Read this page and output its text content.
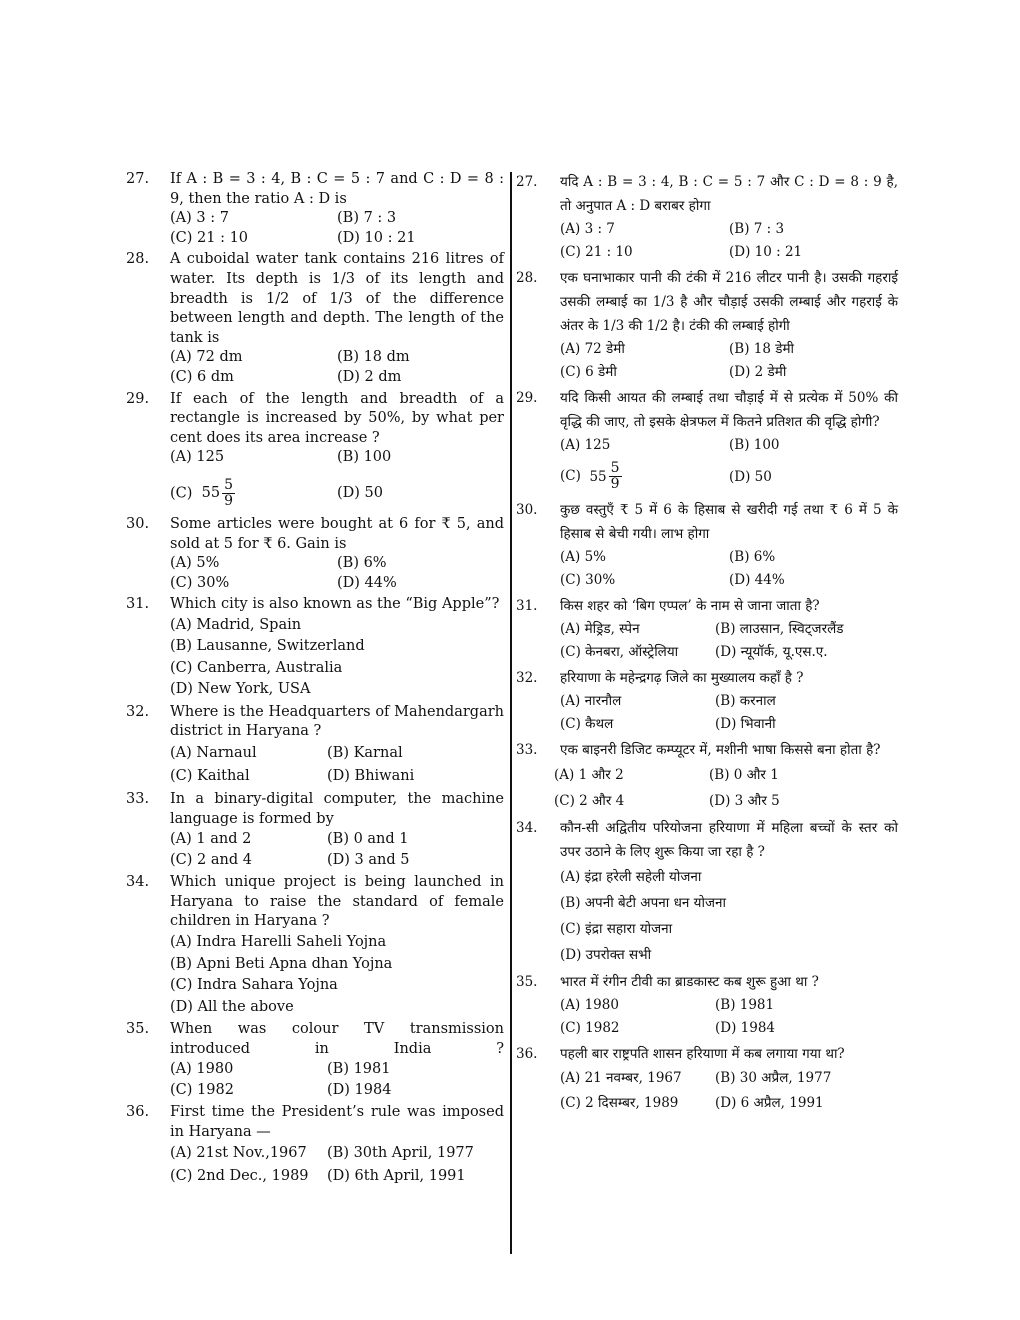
27. If A : B = 3 : 4, B : C = 5 : 7 and C : D = 8 : 9, then the ratio A : D is
(A) 3 : 7	(B) 7 : 3
(C) 21 : 10	(D) 10 : 21
28. A cuboidal water tank contains 216 litres of water. Its depth is 1/3 of its length and breadth is 1/2 of 1/3 of the difference between length and depth. The length of the tank is
(A) 72 dm	(B) 18 dm
(C) 6 dm	(D) 2 dm
29. If each of the length and breadth of a rectangle is increased by 50%, by what per cent does its area increase ?
(A) 125	(B) 100
(C) $55 \frac{5}{9}$	(D) 50
30. Some articles were bought at 6 for ₹ 5, and sold at 5 for ₹ 6. Gain is
(A) 5%	(B) 6%
(C) 30%	(D) 44%
31. Which city is also known as the “Big Apple”?
(A) Madrid, Spain
(B) Lausanne, Switzerland
(C) Canberra, Australia
(D) New York, USA
32. Where is the Headquarters of Mahendargarh district in Haryana ?
(A) Narnaul	(B) Karnal
(C) Kaithal	(D) Bhiwani
33. In a binary-digital computer, the machine language is formed by
(A) 1 and 2	(B) 0 and 1
(C) 2 and 4	(D) 3 and 5
34. Which unique project is being launched in Haryana to raise the standard of female children in Haryana ?
(A) Indra Harelli Saheli Yojna
(B) Apni Beti Apna dhan Yojna
(C) Indra Sahara Yojna
(D) All the above
35. When was colour TV transmission introduced in India ?
(A) 1980	(B) 1981
(C) 1982	(D) 1984
36. First time the President’s rule was imposed in Haryana —
(A) 21st Nov.,1967	(B) 30th April, 1977
(C) 2nd Dec., 1989	(D) 6th April, 1991
27. यदि A : B = 3 : 4, B : C = 5 : 7 और C : D = 8 : 9 है, तो अनुपात A : D बराबर होगा
(A) 3 : 7	(B) 7 : 3
(C) 21 : 10	(D) 10 : 21
28. एक घनाभाकार पानी की टंकी में 216 लीटर पानी है। उसकी गहराई उसकी लम्बाई का 1/3 है और चौड़ाई उसकी लम्बाई और गहराई के अंतर के 1/3 की 1/2 है। टंकी की लम्बाई होगी
(A) 72 डेमी	(B) 18 डेमी
(C) 6 डेमी	(D) 2 डेमी
29. यदि किसी आयत की लम्बाई तथा चौड़ाई में से प्रत्येक में 50% की वृद्धि की जाए, तो इसके क्षेत्रफल में कितने प्रतिशत की वृद्धि होगी?
(A) 125	(B) 100
(C) $55 \frac{5}{9}$	(D) 50
30. कुछ वस्तुएँ ₹ 5 में 6 के हिसाब से खरीदी गई तथा ₹ 6 में 5 के हिसाब से बेची गयी। लाभ होगा
(A) 5%	(B) 6%
(C) 30%	(D) 44%
31. किस शहर को ‘बिग एप्पल’ के नाम से जाना जाता है?
(A) मेड्रिड, स्पेन	(B) लाउसान, स्विट्जरलैंड
(C) केनबरा, ऑस्ट्रेलिया	(D) न्यूयॉर्क, यू.एस.ए.
32. हरियाणा के महेन्द्रगढ़ जिले का मुख्यालय कहाँ है ?
(A) नारनौल	(B) करनाल
(C) कैथल	(D) भिवानी
33. एक बाइनरी डिजिट कम्प्यूटर में, मशीनी भाषा किससे बना होता है?
(A) 1 और 2	(B) 0 और 1
(C) 2 और 4	(D) 3 और 5
34. कौन-सी अद्वितीय परियोजना हरियाणा में महिला बच्चों के स्तर को उपर उठाने के लिए शुरू किया जा रहा है ?
(A) इंद्रा हरेली सहेली योजना
(B) अपनी बेटी अपना धन योजना
(C) इंद्रा सहारा योजना
(D) उपरोक्त सभी
35. भारत में रंगीन टीवी का ब्राडकास्ट कब शुरू हुआ था ?
(A) 1980	(B) 1981
(C) 1982	(D) 1984
36. पहली बार राष्ट्रपति शासन हरियाणा में कब लगाया गया था?
(A) 21 नवम्बर, 1967	(B) 30 अप्रैल, 1977
(C) 2 दिसम्बर, 1989	(D) 6 अप्रैल, 1991
